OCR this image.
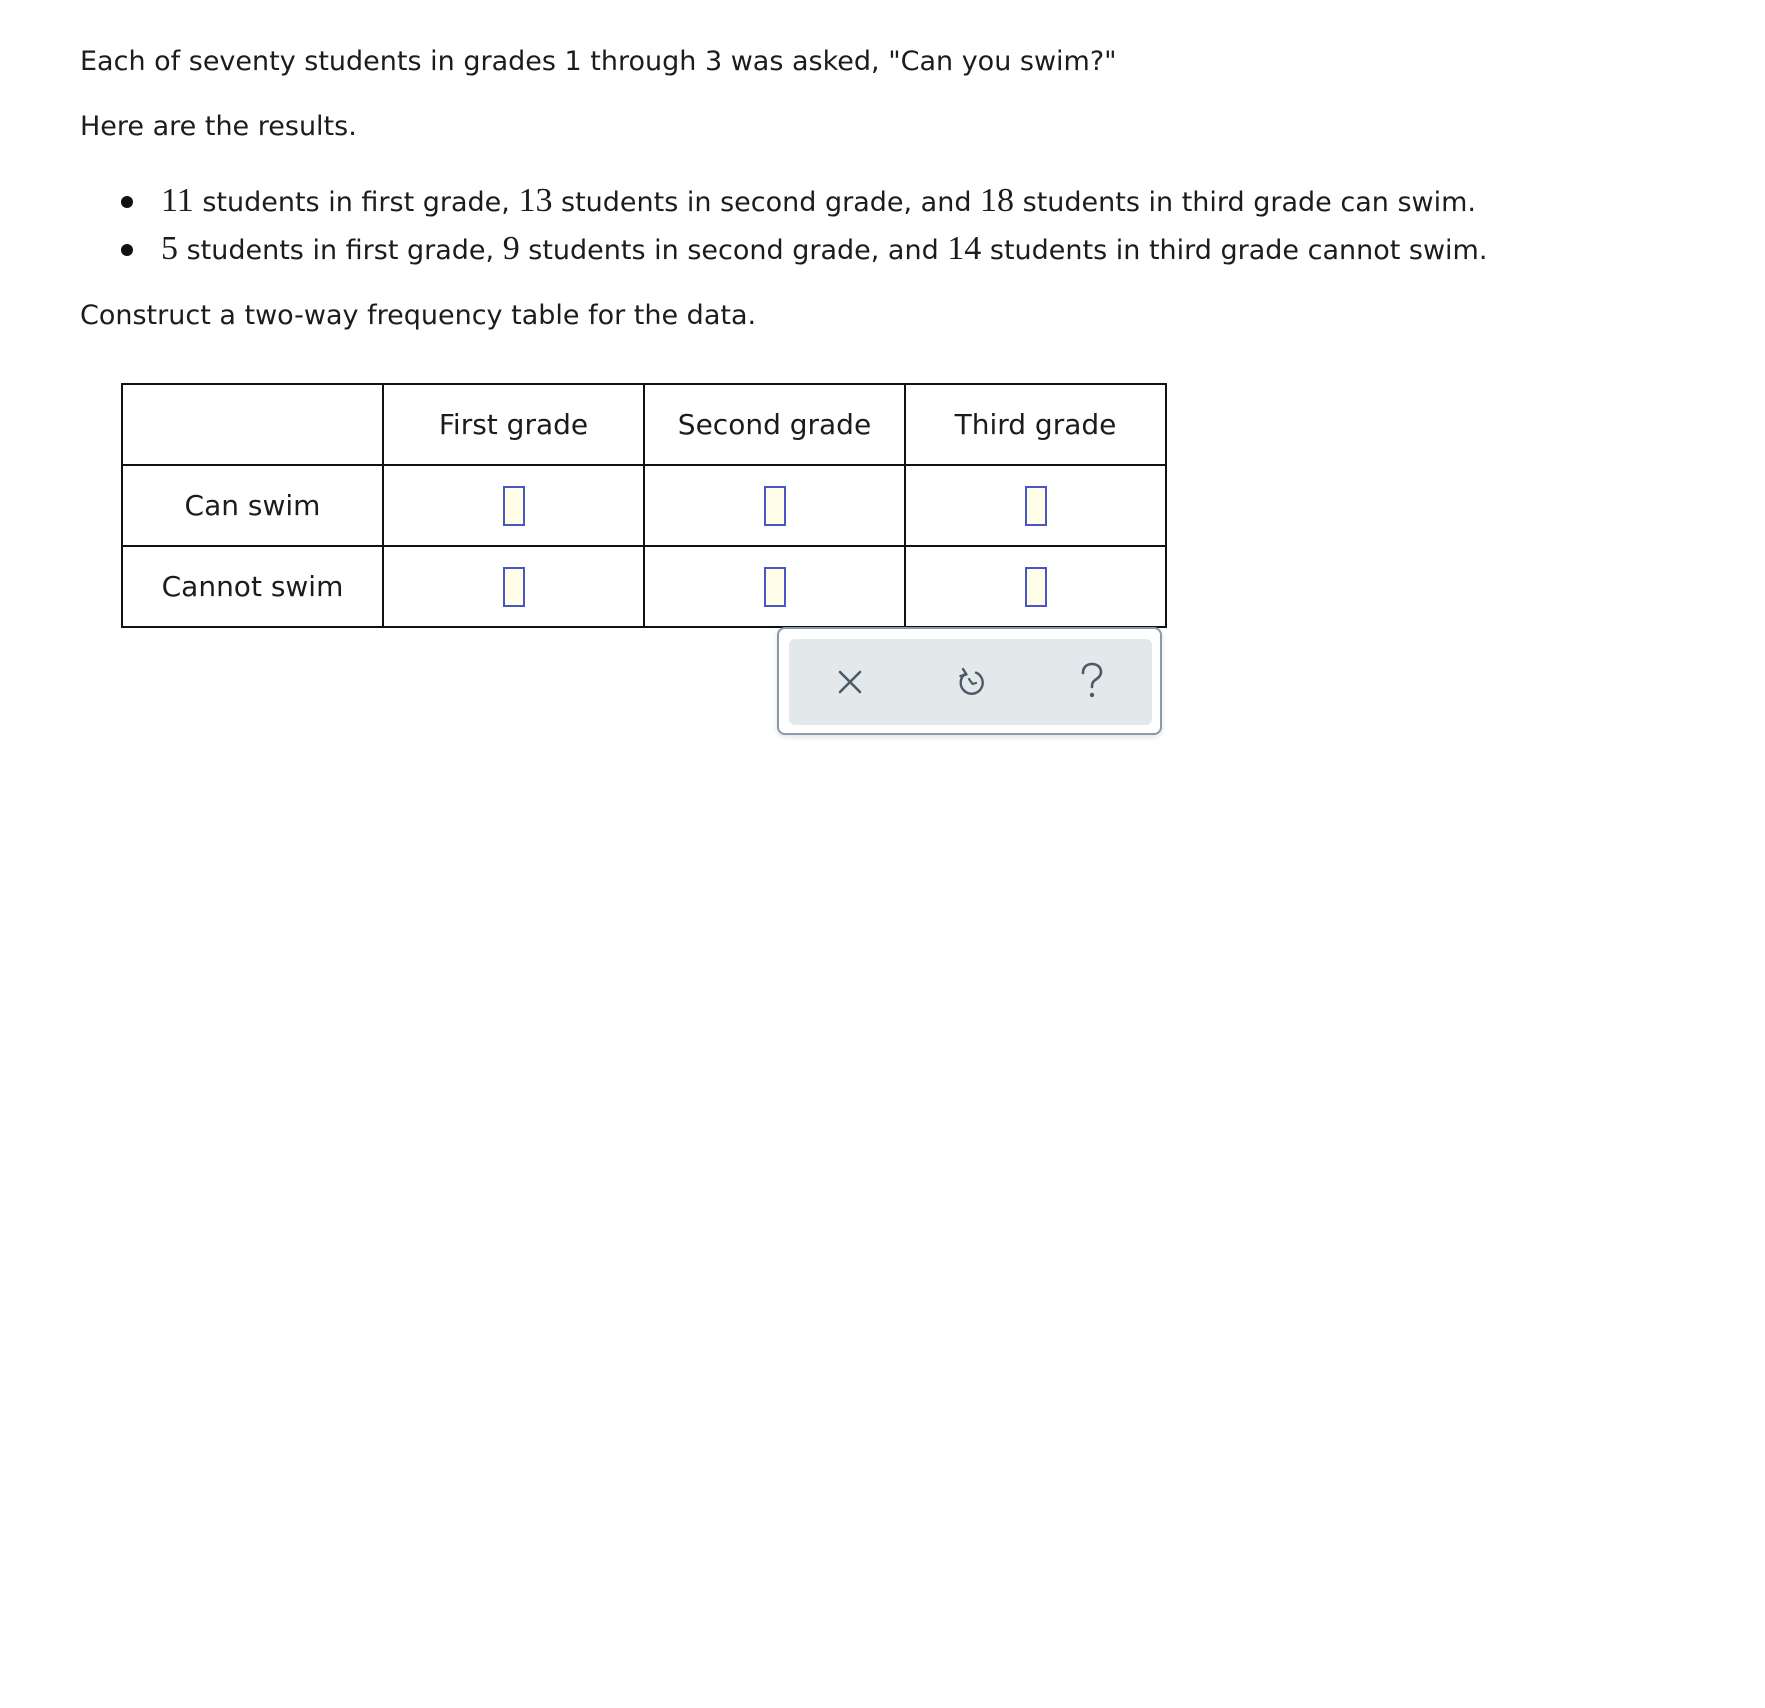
Each of seventy students in grades 1 through 3 was asked, "Can you swim?"
Here are the results.
11 students in first grade, 13 students in second grade, and 18 students in third grade can swim.
5 students in first grade, 9 students in second grade, and 14 students in third grade cannot swim.
Construct a two-way frequency table for the data.
	First grade	Second grade	Third grade
Can swim			
Cannot swim			
